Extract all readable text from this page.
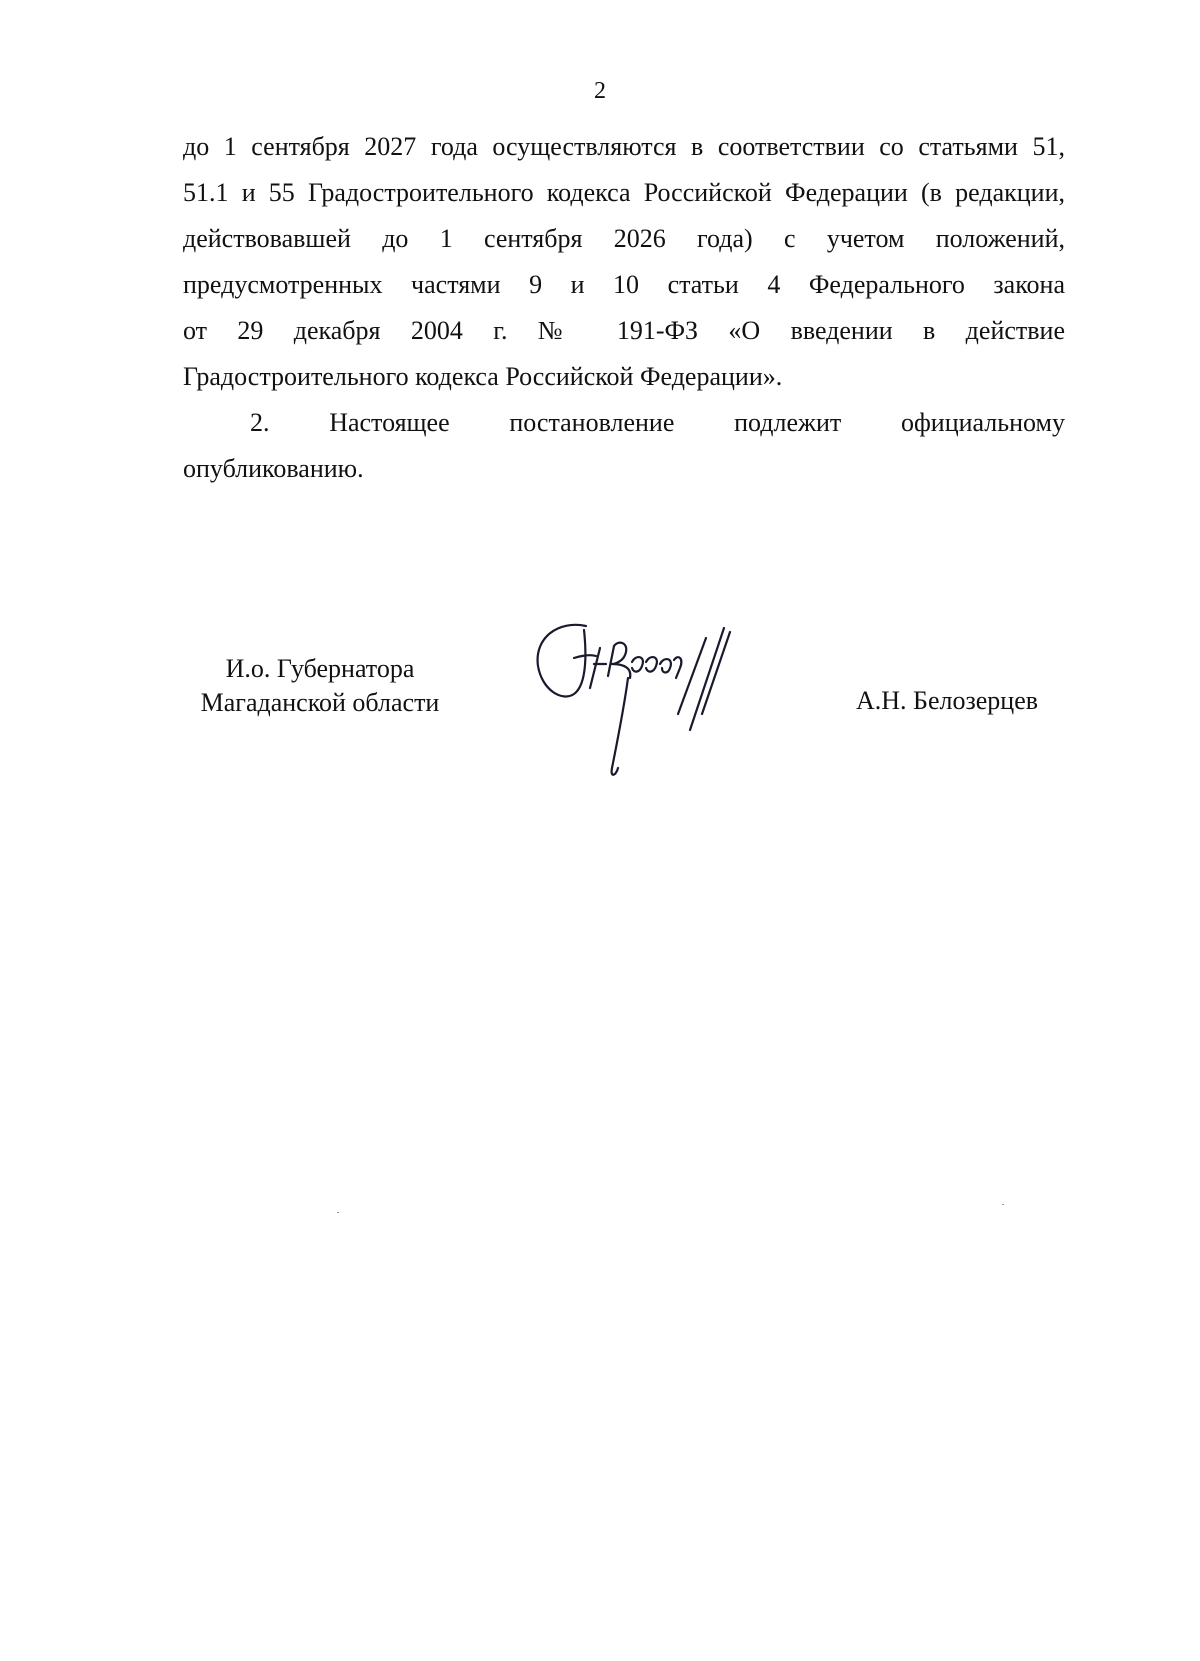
2
до 1 сентября 2027 года осуществляются в соответствии со статьями 51,
51.1 и 55 Градостроительного кодекса Российской Федерации (в редакции,
действовавшей до 1 сентября 2026 года) с учетом положений,
предусмотренных частями 9 и 10 статьи 4 Федерального закона
от 29 декабря 2004 г. № 191-ФЗ «О введении в действие
Градостроительного кодекса Российской Федерации».
2. Настоящее постановление подлежит официальному
опубликованию.
И.о. Губернатора
Магаданской области	А.Н. Белозерцев
